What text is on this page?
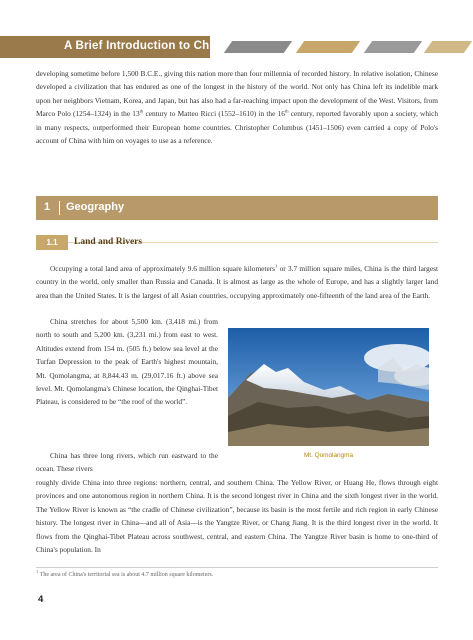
A Brief Introduction to China

developing sometime before 1,500 B.C.E., giving this nation more than four millennia of recorded history. In relative isolation, Chinese developed a civilization that has endured as one of the longest in the history of the world. Not only has China left its indelible mark upon her neighbors Vietnam, Korea, and Japan, but has also had a far-reaching impact upon the development of the West. Visitors, from Marco Polo (1254–1324) in the 13th century to Matteo Ricci (1552–1610) in the 16th century, reported favorably upon a society, which in many respects, outperformed their European home countries. Christopher Columbus (1451–1506) even carried a copy of Polo's account of China with him on voyages to use as a reference.

1 Geography
1.1	Land and Rivers

Occupying a total land area of approximately 9.6 million square kilometers$^1$ or 3.7 million square miles, China is the third largest country in the world, only smaller than Russia and Canada. It is almost as large as the whole of Europe, and has a slightly larger land area than the United States. It is the largest of all Asian countries, occupying approximately one-fifteenth of the land area of the Earth.

China stretches for about 5,500 km. (3,418 mi.) from north to south and 5,200 km. (3,231 mi.) from east to west. Altitudes extend from 154 m. (505 ft.) below sea level at the Turfan Depression to the peak of Earth's highest mountain, Mt. Qomolangma, at 8,844.43 m. (29,017.16 ft.) above sea level. Mt. Qomolangma's Chinese location, the Qinghai-Tibet Plateau, is considered to be “the roof of the world”.

China has three long rivers, which run eastward to the ocean. These rivers

roughly divide China into three regions: northern, central, and southern China. The Yellow River, or Huang He, flows through eight provinces and one autonomous region in northern China. It is the second longest river in China and the sixth longest river in the world. The Yellow River is known as “the cradle of Chinese civilization”, because its basin is the most fertile and rich region in early Chinese history. The longest river in China—and all of Asia—is the Yangtze River, or Chang Jiang. It is the third longest river in the world. It flows from the Qinghai-Tibet Plateau across southwest, central, and eastern China. The Yangtze River basin is home to one-third of China's population. In

Mt. Qomolangma

$^1$ The area of China's territorial sea is about 4.7 million square kilometers.

4
